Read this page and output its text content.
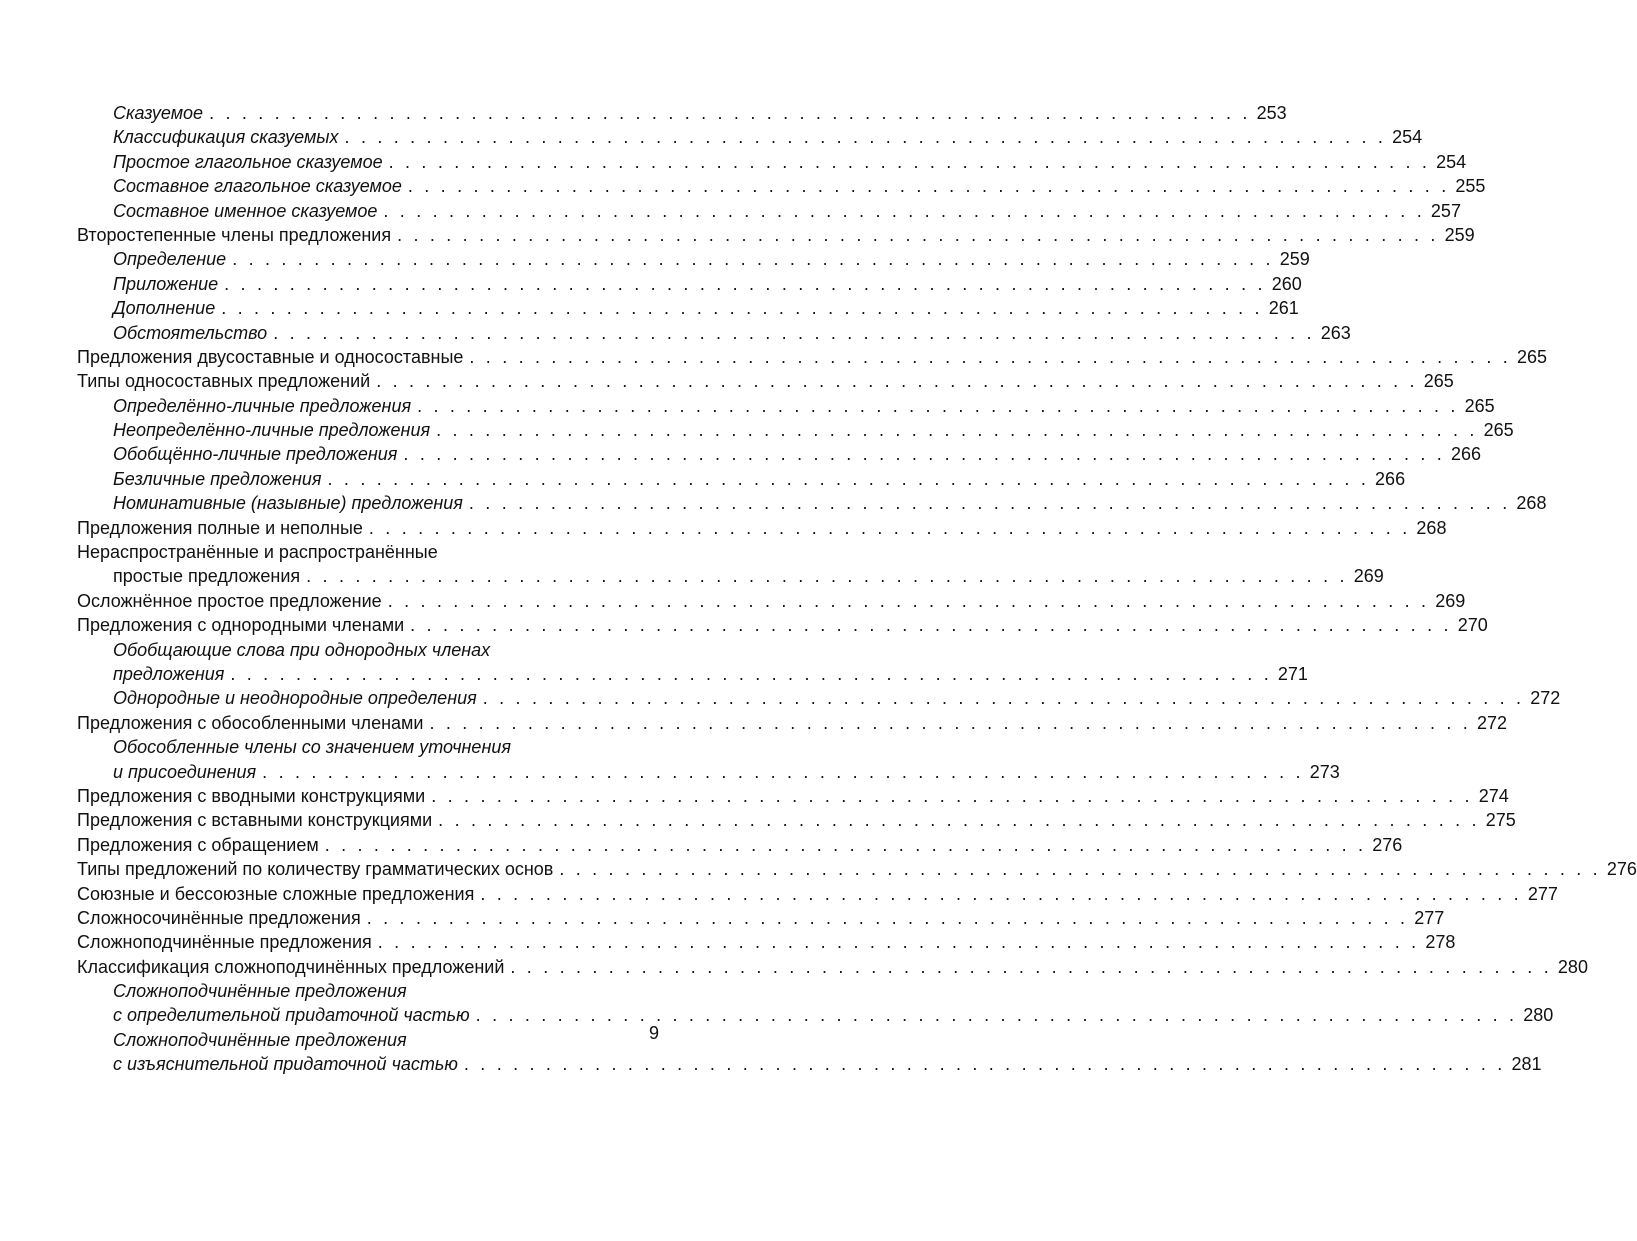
Сказуемое . . . . . . . . . . . . . . . . . . . . . . . . . . . . . . . . . . . . . . . . . . . . . . . . . . . . . . . . . . . . . . . . 253
Классификация сказуемых . . . . . . . . . . . . . . . . . . . . . . . . . . . . . . . . . . . . . . . . . . . . . . . . . . . . . . . . . . . . . . . . 254
Простое глагольное сказуемое . . . . . . . . . . . . . . . . . . . . . . . . . . . . . . . . . . . . . . . . . . . . . . . . . . . . . . . . . . . . . . . . 254
Составное глагольное сказуемое . . . . . . . . . . . . . . . . . . . . . . . . . . . . . . . . . . . . . . . . . . . . . . . . . . . . . . . . . . . . . . . . 255
Составное именное сказуемое . . . . . . . . . . . . . . . . . . . . . . . . . . . . . . . . . . . . . . . . . . . . . . . . . . . . . . . . . . . . . . . . 257
Второстепенные члены предложения . . . . . . . . . . . . . . . . . . . . . . . . . . . . . . . . . . . . . . . . . . . . . . . . . . . . . . . . . . . . . . . . 259
Определение . . . . . . . . . . . . . . . . . . . . . . . . . . . . . . . . . . . . . . . . . . . . . . . . . . . . . . . . . . . . . . . . 259
Приложение . . . . . . . . . . . . . . . . . . . . . . . . . . . . . . . . . . . . . . . . . . . . . . . . . . . . . . . . . . . . . . . . 260
Дополнение . . . . . . . . . . . . . . . . . . . . . . . . . . . . . . . . . . . . . . . . . . . . . . . . . . . . . . . . . . . . . . . . 261
Обстоятельство . . . . . . . . . . . . . . . . . . . . . . . . . . . . . . . . . . . . . . . . . . . . . . . . . . . . . . . . . . . . . . . . 263
Предложения двусоставные и односоставные . . . . . . . . . . . . . . . . . . . . . . . . . . . . . . . . . . . . . . . . . . . . . . . . . . . . . . . . . . . . . . . . 265
Типы односоставных предложений . . . . . . . . . . . . . . . . . . . . . . . . . . . . . . . . . . . . . . . . . . . . . . . . . . . . . . . . . . . . . . . . 265
Определённо-личные предложения . . . . . . . . . . . . . . . . . . . . . . . . . . . . . . . . . . . . . . . . . . . . . . . . . . . . . . . . . . . . . . . . 265
Неопределённо-личные предложения . . . . . . . . . . . . . . . . . . . . . . . . . . . . . . . . . . . . . . . . . . . . . . . . . . . . . . . . . . . . . . . . 265
Обобщённо-личные предложения . . . . . . . . . . . . . . . . . . . . . . . . . . . . . . . . . . . . . . . . . . . . . . . . . . . . . . . . . . . . . . . . 266
Безличные предложения . . . . . . . . . . . . . . . . . . . . . . . . . . . . . . . . . . . . . . . . . . . . . . . . . . . . . . . . . . . . . . . . 266
Номинативные (назывные) предложения . . . . . . . . . . . . . . . . . . . . . . . . . . . . . . . . . . . . . . . . . . . . . . . . . . . . . . . . . . . . . . . . 268
Предложения полные и неполные . . . . . . . . . . . . . . . . . . . . . . . . . . . . . . . . . . . . . . . . . . . . . . . . . . . . . . . . . . . . . . . . 268
Нераспространённые и распространённые
простые предложения . . . . . . . . . . . . . . . . . . . . . . . . . . . . . . . . . . . . . . . . . . . . . . . . . . . . . . . . . . . . . . . . 269
Осложнённое простое предложение . . . . . . . . . . . . . . . . . . . . . . . . . . . . . . . . . . . . . . . . . . . . . . . . . . . . . . . . . . . . . . . . 269
Предложения с однородными членами . . . . . . . . . . . . . . . . . . . . . . . . . . . . . . . . . . . . . . . . . . . . . . . . . . . . . . . . . . . . . . . . 270
Обобщающие слова при однородных членах
предложения . . . . . . . . . . . . . . . . . . . . . . . . . . . . . . . . . . . . . . . . . . . . . . . . . . . . . . . . . . . . . . . . 271
Однородные и неоднородные определения . . . . . . . . . . . . . . . . . . . . . . . . . . . . . . . . . . . . . . . . . . . . . . . . . . . . . . . . . . . . . . . . 272
Предложения с обособленными членами . . . . . . . . . . . . . . . . . . . . . . . . . . . . . . . . . . . . . . . . . . . . . . . . . . . . . . . . . . . . . . . . 272
Обособленные члены со значением уточнения
и присоединения . . . . . . . . . . . . . . . . . . . . . . . . . . . . . . . . . . . . . . . . . . . . . . . . . . . . . . . . . . . . . . . . 273
Предложения с вводными конструкциями . . . . . . . . . . . . . . . . . . . . . . . . . . . . . . . . . . . . . . . . . . . . . . . . . . . . . . . . . . . . . . . . 274
Предложения с вставными конструкциями . . . . . . . . . . . . . . . . . . . . . . . . . . . . . . . . . . . . . . . . . . . . . . . . . . . . . . . . . . . . . . . . 275
Предложения с обращением . . . . . . . . . . . . . . . . . . . . . . . . . . . . . . . . . . . . . . . . . . . . . . . . . . . . . . . . . . . . . . . . 276
Типы предложений по количеству грамматических основ . . . . . . . . . . . . . . . . . . . . . . . . . . . . . . . . . . . . . . . . . . . . . . . . . . . . . . . . . . . . . . . . 276
Союзные и бессоюзные сложные предложения . . . . . . . . . . . . . . . . . . . . . . . . . . . . . . . . . . . . . . . . . . . . . . . . . . . . . . . . . . . . . . . . 277
Сложносочинённые предложения . . . . . . . . . . . . . . . . . . . . . . . . . . . . . . . . . . . . . . . . . . . . . . . . . . . . . . . . . . . . . . . . 277
Сложноподчинённые предложения . . . . . . . . . . . . . . . . . . . . . . . . . . . . . . . . . . . . . . . . . . . . . . . . . . . . . . . . . . . . . . . . 278
Классификация сложноподчинённых предложений . . . . . . . . . . . . . . . . . . . . . . . . . . . . . . . . . . . . . . . . . . . . . . . . . . . . . . . . . . . . . . . . 280
Сложноподчинённые предложения
с определительной придаточной частью . . . . . . . . . . . . . . . . . . . . . . . . . . . . . . . . . . . . . . . . . . . . . . . . . . . . . . . . . . . . . . . . 280
Сложноподчинённые предложения
с изъяснительной придаточной частью . . . . . . . . . . . . . . . . . . . . . . . . . . . . . . . . . . . . . . . . . . . . . . . . . . . . . . . . . . . . . . . . 281
9
